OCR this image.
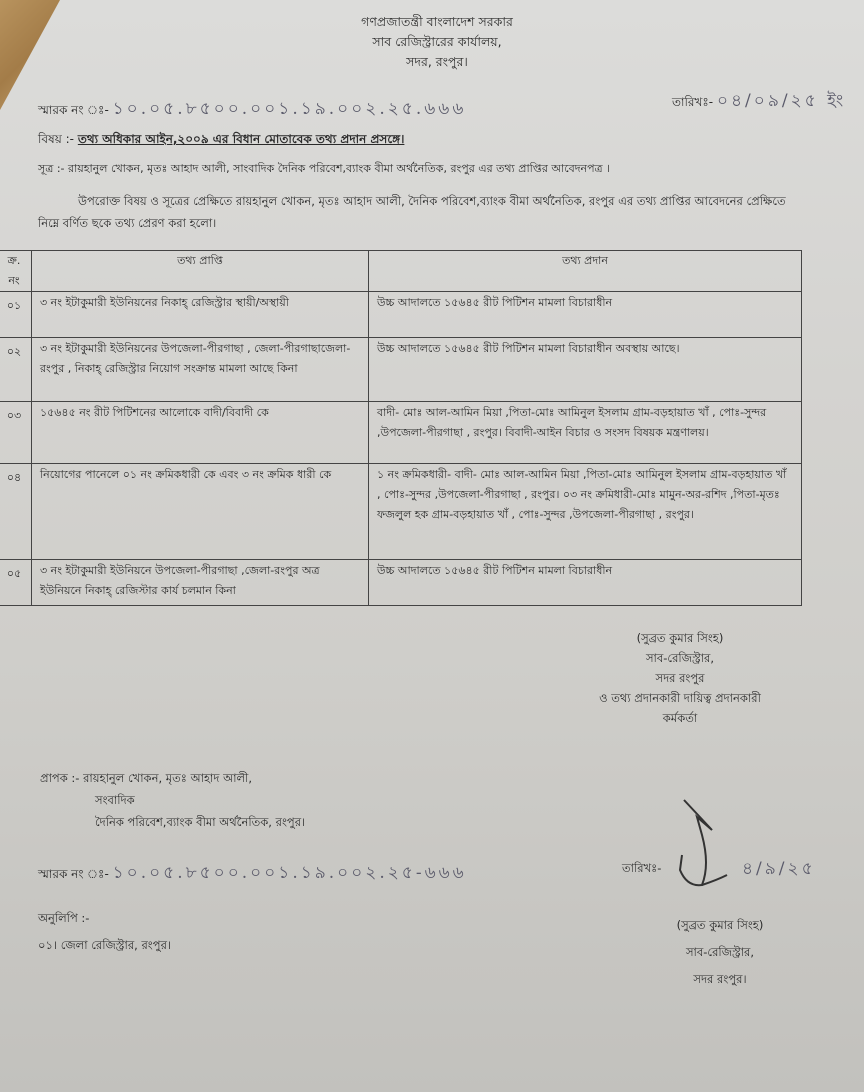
গণপ্রজাতন্ত্রী বাংলাদেশ সরকার
সাব রেজিস্ট্রারের কার্যালয়,
সদর, রংপুর।
স্মারক নং ঃ- ১০.০৫.৮৫০০.০০১.১৯.০০২.২৫.৬৬৬	তারিখঃ- ০৪/০৯/২৫ ইং
বিষয় :- তথ্য অধিকার আইন,২০০৯ এর বিধান মোতাবেক তথ্য প্রদান প্রসঙ্গে।
সূত্র :- রায়হানুল খোকন, মৃতঃ আহাদ আলী, সাংবাদিক দৈনিক পরিবেশ,ব্যাংক বীমা অর্থনৈতিক, রংপুর এর তথ্য প্রাপ্তির আবেদনপত্র ।
উপরোক্ত বিষয় ও সূত্রের প্রেক্ষিতে রায়হানুল খোকন, মৃতঃ আহাদ আলী, দৈনিক পরিবেশ,ব্যাংক বীমা অর্থনৈতিক, রংপুর এর তথ্য প্রাপ্তির আবেদনের প্রেক্ষিতে নিম্নে বর্ণিত ছকে তথ্য প্রেরণ করা হলো।
ক্র. নং	তথ্য প্রাপ্তি	তথ্য প্রদান
০১	৩ নং ইটাকুমারী ইউনিয়নের নিকাহ্ রেজিস্ট্রার স্থায়ী/অস্থায়ী	উচ্চ আদালতে ১৫৬৪৫ রীট পিটিশন মামলা বিচারাধীন
০২	৩ নং ইটাকুমারী ইউনিয়নের উপজেলা-পীরগাছা , জেলা-পীরগাছাজেলা-রংপুর , নিকাহ্ রেজিস্ট্রার নিয়োগ সংক্রান্ত মামলা আছে কিনা	উচ্চ আদালতে ১৫৬৪৫ রীট পিটিশন মামলা বিচারাধীন অবস্থায় আছে।
০৩	১৫৬৪৫ নং রীট পিটিশনের আলোকে বাদী/বিবাদী কে	বাদী- মোঃ আল-আমিন মিয়া ,পিতা-মোঃ আমিনুল ইসলাম গ্রাম-বড়হায়াত খাঁ , পোঃ-সুন্দর ,উপজেলা-পীরগাছা , রংপুর। বিবাদী-আইন বিচার ও সংসদ বিষয়ক মন্ত্রণালয়।
০৪	নিয়োগের পানেলে ০১ নং ক্রমিকধারী কে এবং ৩ নং ক্রমিক ধারী কে	১ নং ক্রমিকধারী- বাদী- মোঃ আল-আমিন মিয়া ,পিতা-মোঃ আমিনুল ইসলাম গ্রাম-বড়হায়াত খাঁ , পোঃ-সুন্দর ,উপজেলা-পীরগাছা , রংপুর। ০৩ নং ক্রমিধারী-মোঃ মামুন-অর-রশিদ ,পিতা-মৃতঃ ফজলুল হক গ্রাম-বড়হায়াত খাঁ , পোঃ-সুন্দর ,উপজেলা-পীরগাছা , রংপুর।
০৫	৩ নং ইটাকুমারী ইউনিয়নে উপজেলা-পীরগাছা ,জেলা-রংপুর অত্র ইউনিয়নে নিকাহ্ রেজিস্টার কার্য চলমান কিনা	উচ্চ আদালতে ১৫৬৪৫ রীট পিটিশন মামলা বিচারাধীন
(সুব্রত কুমার সিংহ)
সাব-রেজিস্ট্রার,
সদর রংপুর
ও তথ্য প্রদানকারী দায়িত্ব প্রদানকারী
কর্মকর্তা
প্রাপক :- রায়হানুল খোকন, মৃতঃ আহাদ আলী,
সংবাদিক
দৈনিক পরিবেশ,ব্যাংক বীমা অর্থনৈতিক, রংপুর।
স্মারক নং ঃ- ১০.০৫.৮৫০০.০০১.১৯.০০২.২৫-৬৬৬
অনুলিপি :-
০১। জেলা রেজিস্ট্রার, রংপুর।
তারিখঃ-	৪/৯/২৫
(সুব্রত কুমার সিংহ)
সাব-রেজিস্ট্রার,
সদর রংপুর।
